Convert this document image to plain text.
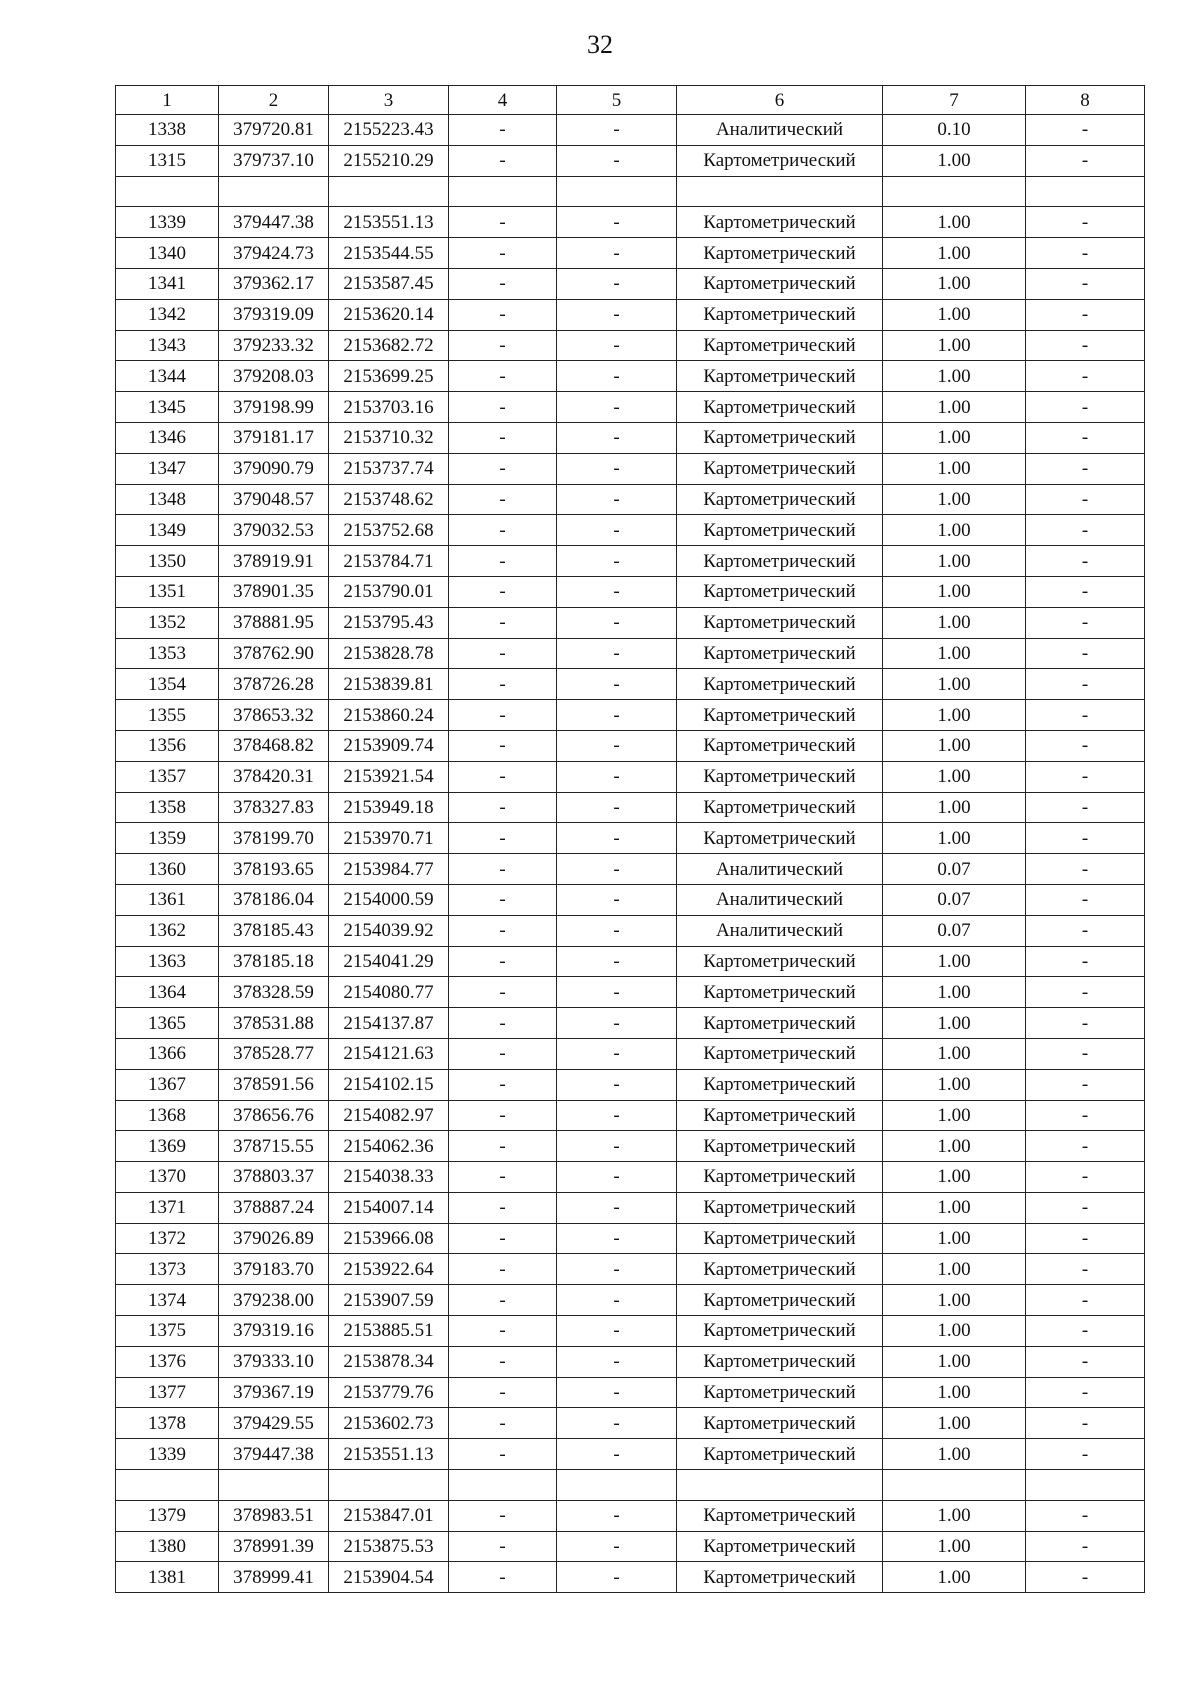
32
1	2	3	4	5	6	7	8
1338	379720.81	2155223.43	-	-	Аналитический	0.10	-
1315	379737.10	2155210.29	-	-	Картометрический	1.00	-

1339	379447.38	2153551.13	-	-	Картометрический	1.00	-
1340	379424.73	2153544.55	-	-	Картометрический	1.00	-
1341	379362.17	2153587.45	-	-	Картометрический	1.00	-
1342	379319.09	2153620.14	-	-	Картометрический	1.00	-
1343	379233.32	2153682.72	-	-	Картометрический	1.00	-
1344	379208.03	2153699.25	-	-	Картометрический	1.00	-
1345	379198.99	2153703.16	-	-	Картометрический	1.00	-
1346	379181.17	2153710.32	-	-	Картометрический	1.00	-
1347	379090.79	2153737.74	-	-	Картометрический	1.00	-
1348	379048.57	2153748.62	-	-	Картометрический	1.00	-
1349	379032.53	2153752.68	-	-	Картометрический	1.00	-
1350	378919.91	2153784.71	-	-	Картометрический	1.00	-
1351	378901.35	2153790.01	-	-	Картометрический	1.00	-
1352	378881.95	2153795.43	-	-	Картометрический	1.00	-
1353	378762.90	2153828.78	-	-	Картометрический	1.00	-
1354	378726.28	2153839.81	-	-	Картометрический	1.00	-
1355	378653.32	2153860.24	-	-	Картометрический	1.00	-
1356	378468.82	2153909.74	-	-	Картометрический	1.00	-
1357	378420.31	2153921.54	-	-	Картометрический	1.00	-
1358	378327.83	2153949.18	-	-	Картометрический	1.00	-
1359	378199.70	2153970.71	-	-	Картометрический	1.00	-
1360	378193.65	2153984.77	-	-	Аналитический	0.07	-
1361	378186.04	2154000.59	-	-	Аналитический	0.07	-
1362	378185.43	2154039.92	-	-	Аналитический	0.07	-
1363	378185.18	2154041.29	-	-	Картометрический	1.00	-
1364	378328.59	2154080.77	-	-	Картометрический	1.00	-
1365	378531.88	2154137.87	-	-	Картометрический	1.00	-
1366	378528.77	2154121.63	-	-	Картометрический	1.00	-
1367	378591.56	2154102.15	-	-	Картометрический	1.00	-
1368	378656.76	2154082.97	-	-	Картометрический	1.00	-
1369	378715.55	2154062.36	-	-	Картометрический	1.00	-
1370	378803.37	2154038.33	-	-	Картометрический	1.00	-
1371	378887.24	2154007.14	-	-	Картометрический	1.00	-
1372	379026.89	2153966.08	-	-	Картометрический	1.00	-
1373	379183.70	2153922.64	-	-	Картометрический	1.00	-
1374	379238.00	2153907.59	-	-	Картометрический	1.00	-
1375	379319.16	2153885.51	-	-	Картометрический	1.00	-
1376	379333.10	2153878.34	-	-	Картометрический	1.00	-
1377	379367.19	2153779.76	-	-	Картометрический	1.00	-
1378	379429.55	2153602.73	-	-	Картометрический	1.00	-
1339	379447.38	2153551.13	-	-	Картометрический	1.00	-

1379	378983.51	2153847.01	-	-	Картометрический	1.00	-
1380	378991.39	2153875.53	-	-	Картометрический	1.00	-
1381	378999.41	2153904.54	-	-	Картометрический	1.00	-
